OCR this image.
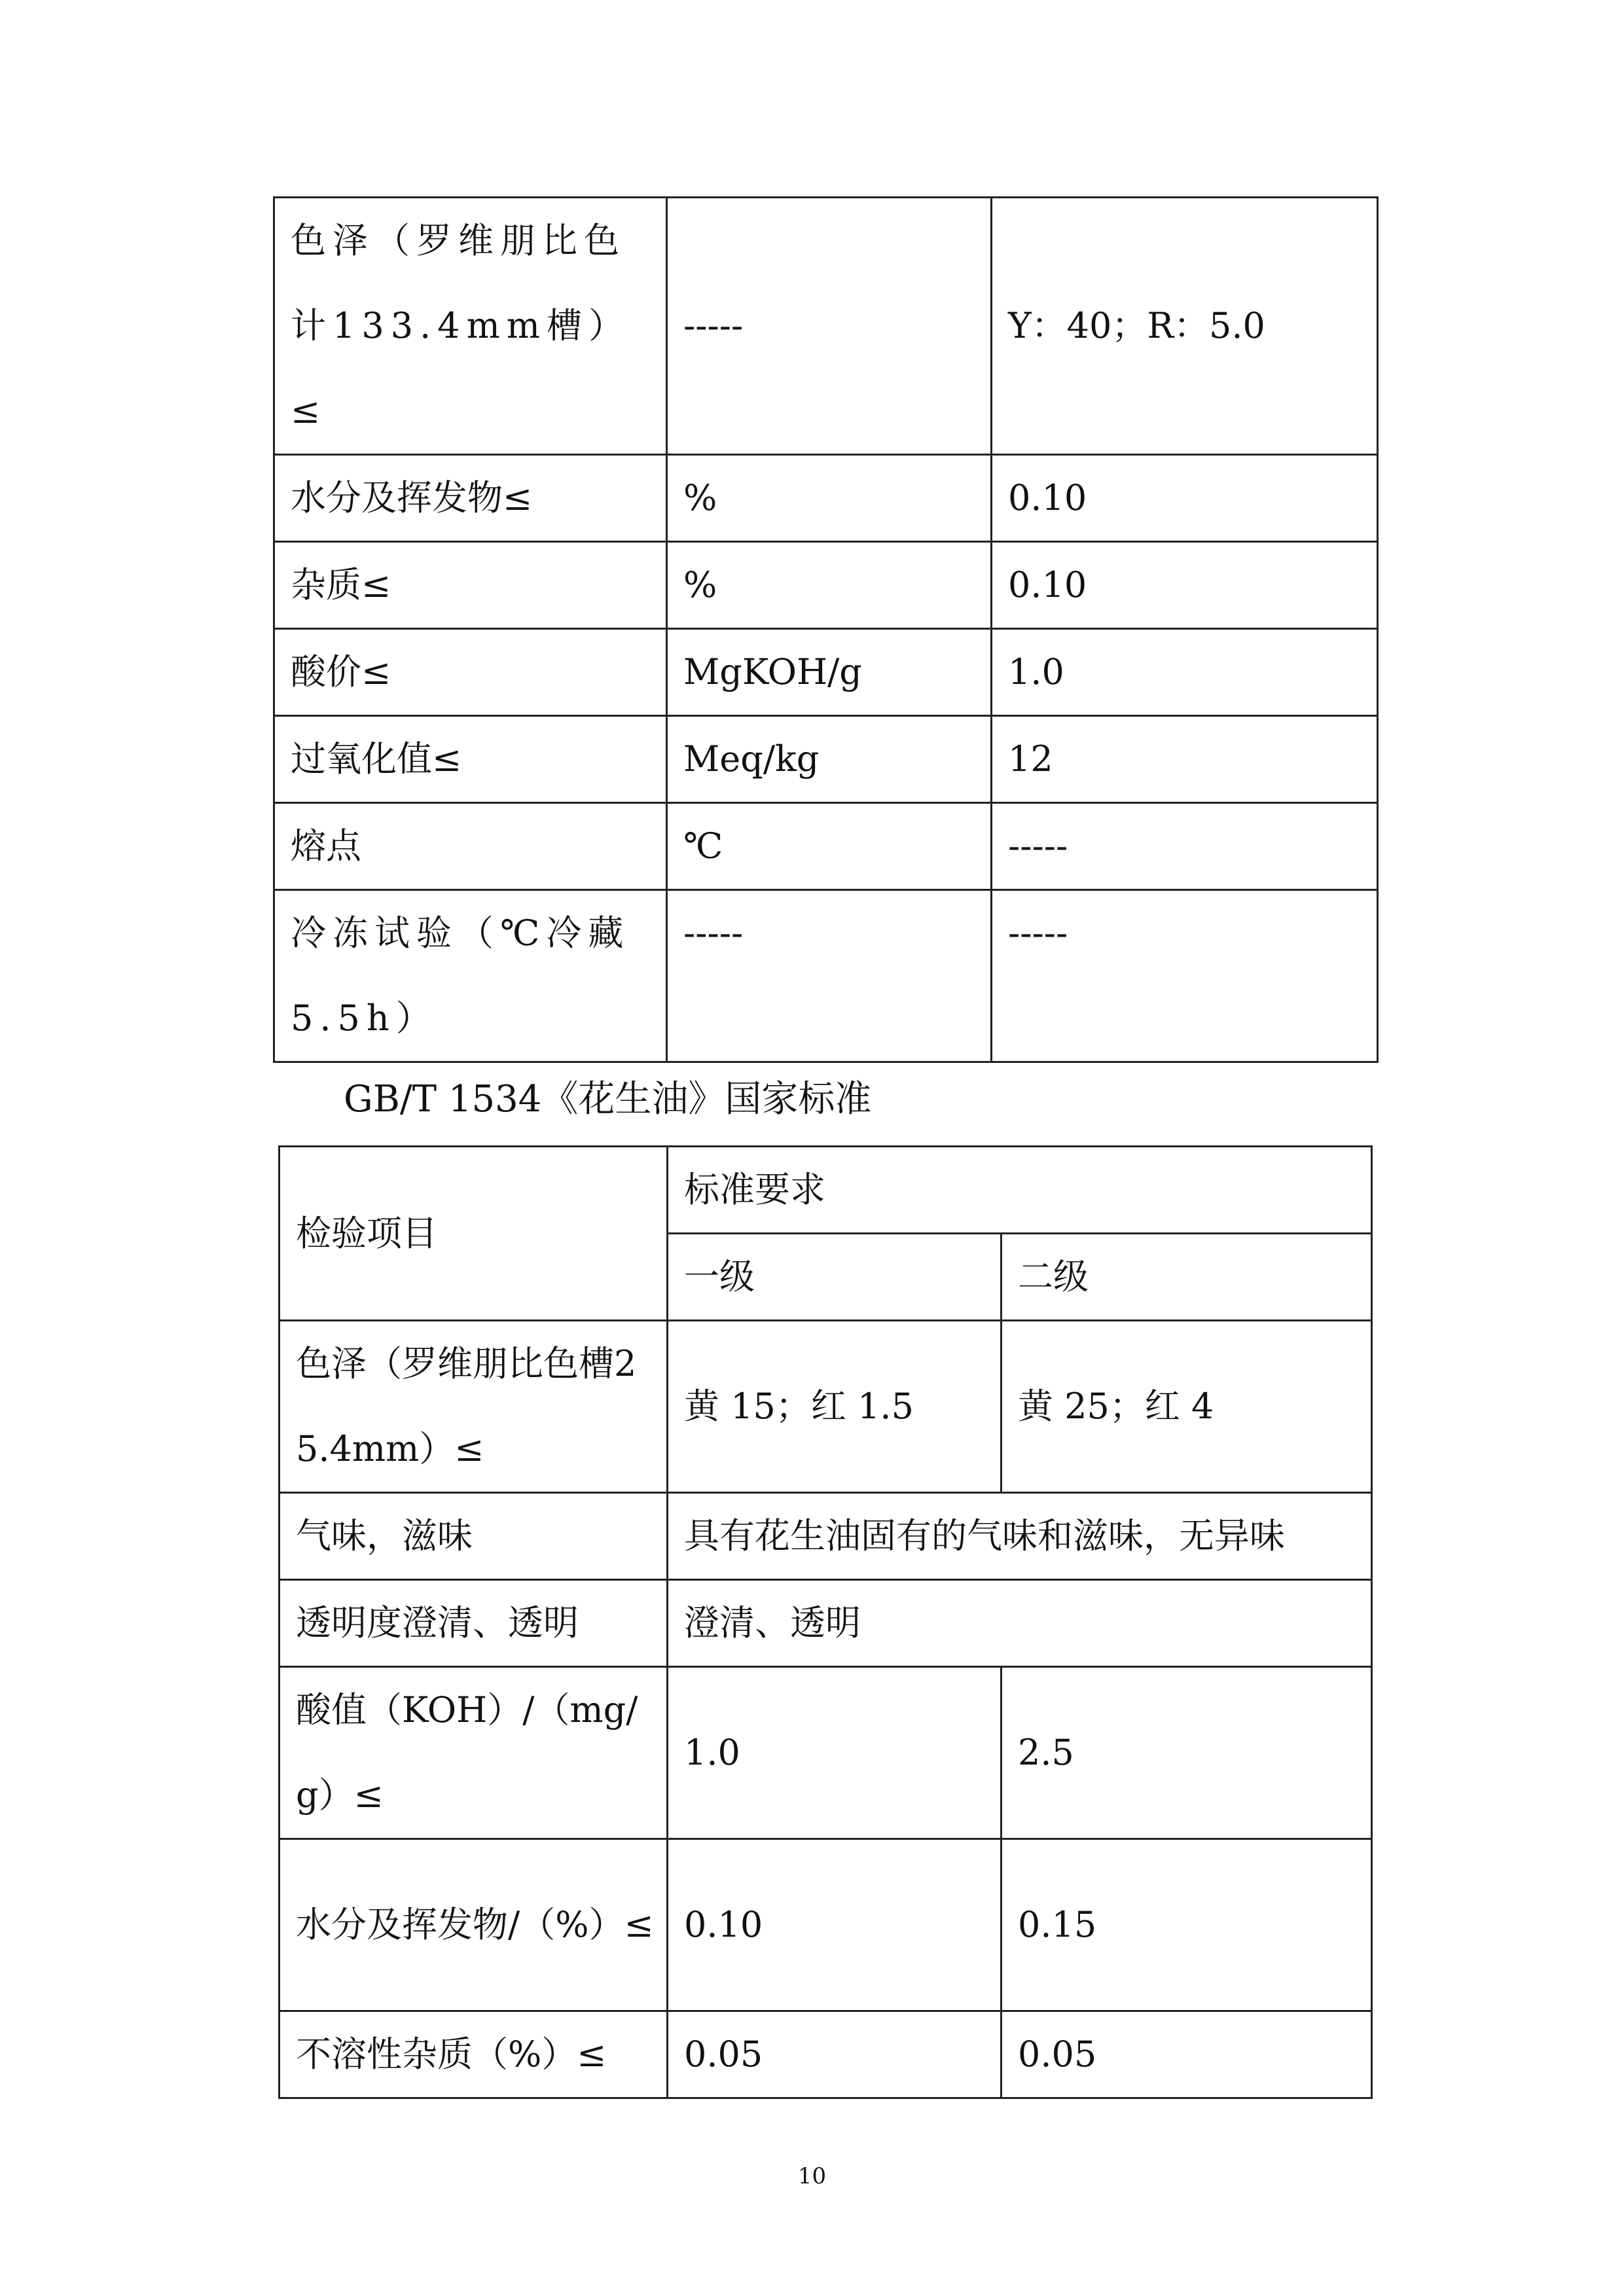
色泽（罗维朋比色计133.4mm槽）≤	-----	Y：40；R：5.0
水分及挥发物≤	%	0.10
杂质≤	%	0.10
酸价≤	MgKOH/g	1.0
过氧化值≤	Meq/kg	12
熔点	℃	-----
冷冻试验（℃冷藏5.5h）	-----	-----
GB/T 1534《花生油》国家标准
检验项目	标准要求	
	一级	二级
色泽（罗维朋比色槽25.4mm）≤	黄 15；红 1.5	黄 25；红 4
气味，滋味	具有花生油固有的气味和滋味，无异味	
透明度澄清、透明	澄清、透明	
酸值（KOH）/（mg/g）≤	1.0	2.5
水分及挥发物/（%）≤	0.10	0.15
不溶性杂质（%）≤	0.05	0.05
10
